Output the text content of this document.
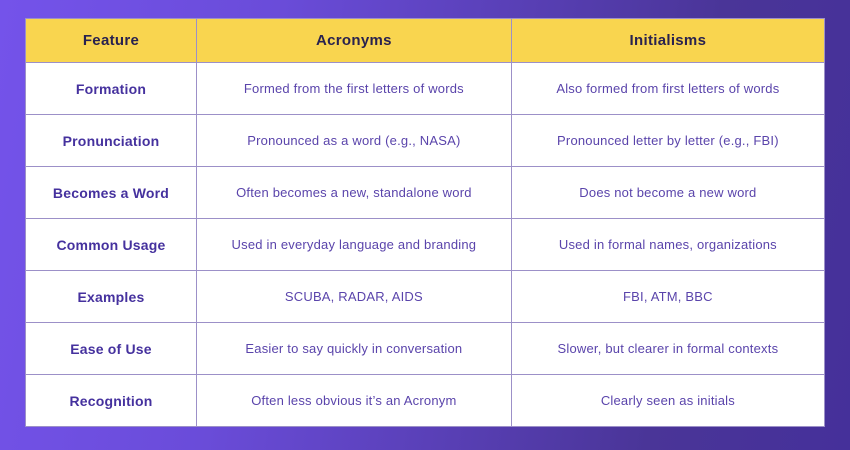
Feature	Acronyms	Initialisms
Formation	Formed from the first letters of words	Also formed from first letters of words
Pronunciation	Pronounced as a word (e.g., NASA)	Pronounced letter by letter (e.g., FBI)
Becomes a Word	Often becomes a new, standalone word	Does not become a new word
Common Usage	Used in everyday language and branding	Used in formal names, organizations
Examples	SCUBA, RADAR, AIDS	FBI, ATM, BBC
Ease of Use	Easier to say quickly in conversation	Slower, but clearer in formal contexts
Recognition	Often less obvious it’s an Acronym	Clearly seen as initials
